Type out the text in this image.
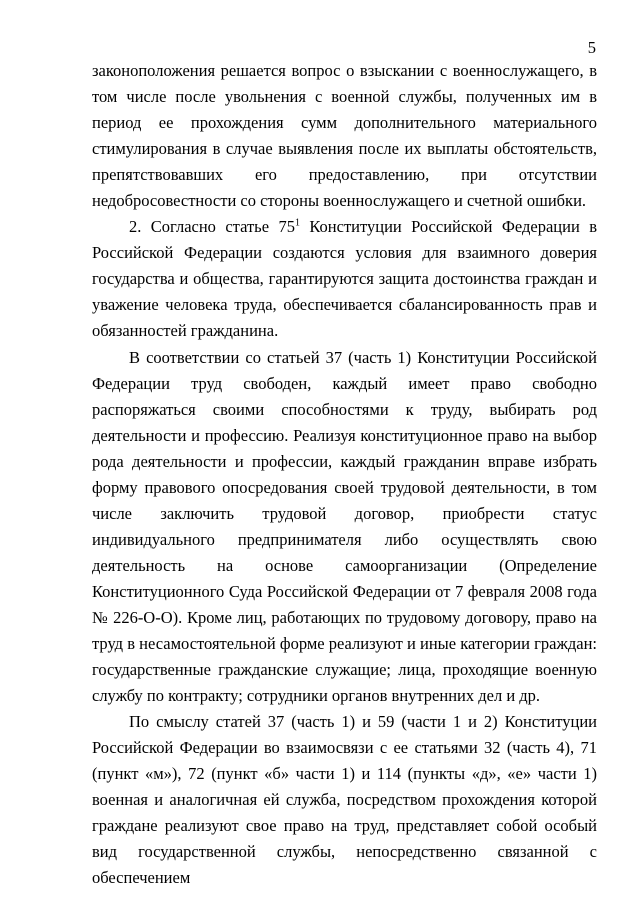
5

законоположения решается вопрос о взыскании с военнослужащего, в том числе после увольнения с военной службы, полученных им в период ее прохождения сумм дополнительного материального стимулирования в случае выявления после их выплаты обстоятельств, препятствовавших его предоставлению, при отсутствии недобросовестности со стороны военнослужащего и счетной ошибки.

2. Согласно статье $75^1$ Конституции Российской Федерации в Российской Федерации создаются условия для взаимного доверия государства и общества, гарантируются защита достоинства граждан и уважение человека труда, обеспечивается сбалансированность прав и обязанностей гражданина.

В соответствии со статьей 37 (часть 1) Конституции Российской Федерации труд свободен, каждый имеет право свободно распоряжаться своими способностями к труду, выбирать род деятельности и профессию. Реализуя конституционное право на выбор рода деятельности и профессии, каждый гражданин вправе избрать форму правового опосредования своей трудовой деятельности, в том числе заключить трудовой договор, приобрести статус индивидуального предпринимателя либо осуществлять свою деятельность на основе самоорганизации (Определение Конституционного Суда Российской Федерации от 7 февраля 2008 года № 226-О-О). Кроме лиц, работающих по трудовому договору, право на труд в несамостоятельной форме реализуют и иные категории граждан: государственные гражданские служащие; лица, проходящие военную службу по контракту; сотрудники органов внутренних дел и др.

По смыслу статей 37 (часть 1) и 59 (части 1 и 2) Конституции Российской Федерации во взаимосвязи с ее статьями 32 (часть 4), 71 (пункт «м»), 72 (пункт «б» части 1) и 114 (пункты «д», «е» части 1) военная и аналогичная ей служба, посредством прохождения которой граждане реализуют свое право на труд, представляет собой особый вид государственной службы, непосредственно связанной с обеспечением
